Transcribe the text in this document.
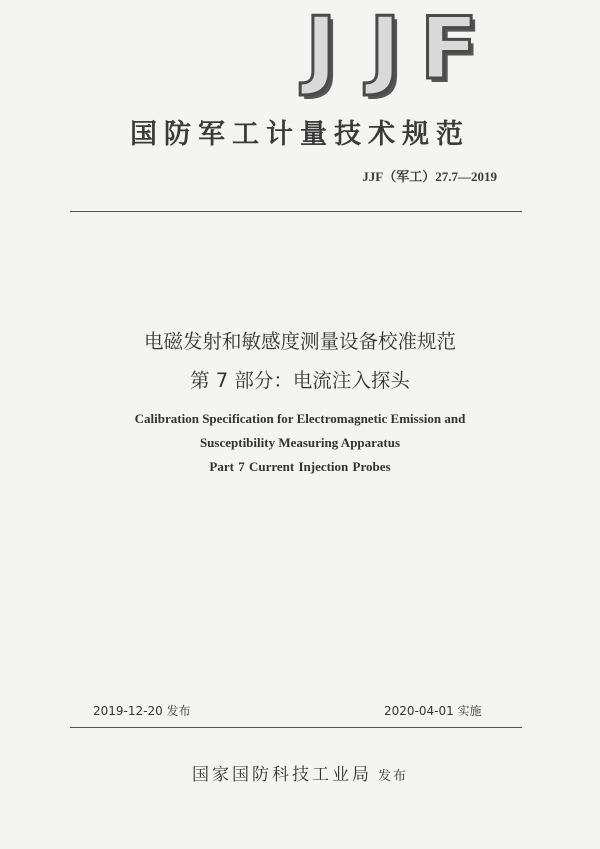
J J F
国防军工计量技术规范
JJF（军工）27.7—2019
电磁发射和敏感度测量设备校准规范
第 7 部分：电流注入探头
Calibration Specification for Electromagnetic Emission and
Susceptibility Measuring Apparatus
Part 7 Current Injection Probes
2019-12-20 发布	2020-04-01 实施
国家国防科技工业局 发布
